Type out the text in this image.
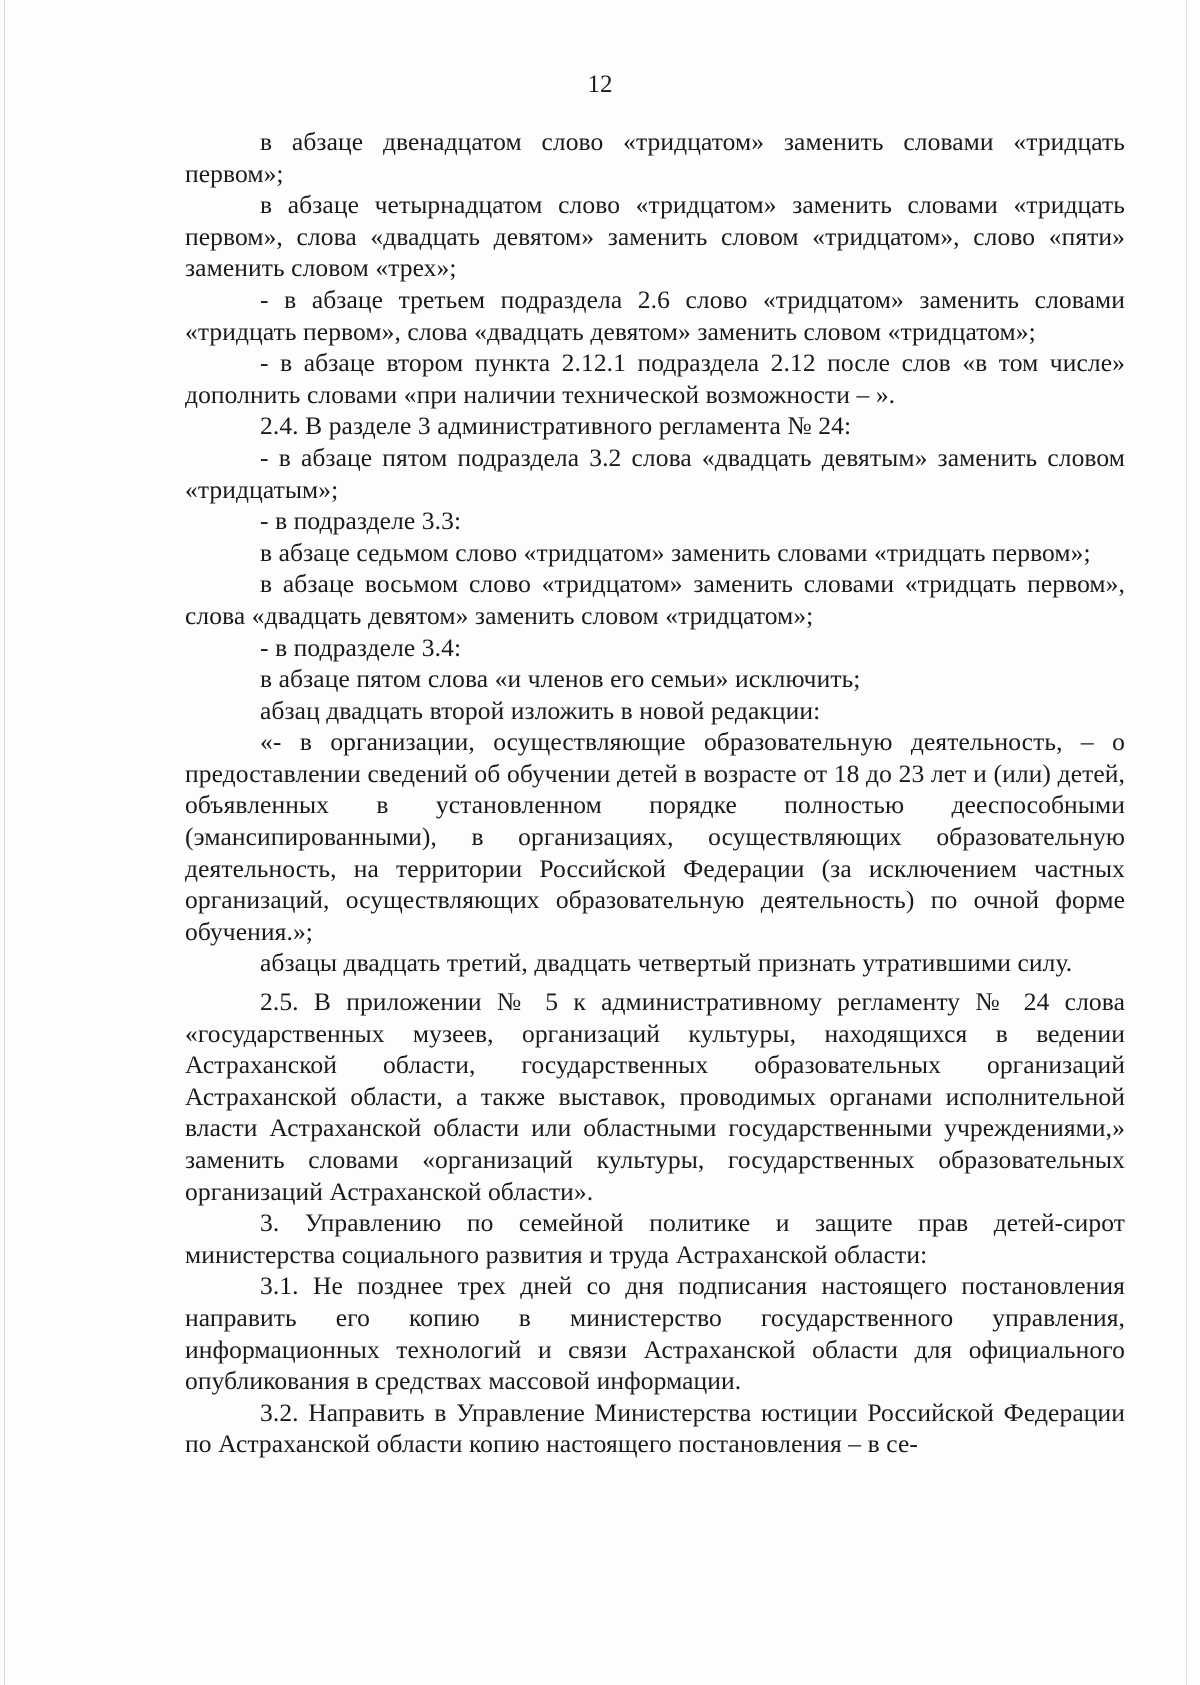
12

в абзаце двенадцатом слово «тридцатом» заменить словами «тридцать первом»;

в абзаце четырнадцатом слово «тридцатом» заменить словами «тридцать первом», слова «двадцать девятом» заменить словом «тридцатом», слово «пяти» заменить словом «трех»;

- в абзаце третьем подраздела 2.6 слово «тридцатом» заменить словами «тридцать первом», слова «двадцать девятом» заменить словом «тридцатом»;

- в абзаце втором пункта 2.12.1 подраздела 2.12 после слов «в том числе» дополнить словами «при наличии технической возможности – ».

2.4. В разделе 3 административного регламента № 24:

- в абзаце пятом подраздела 3.2 слова «двадцать девятым» заменить словом «тридцатым»;

- в подразделе 3.3:

в абзаце седьмом слово «тридцатом» заменить словами «тридцать первом»;

в абзаце восьмом слово «тридцатом» заменить словами «тридцать первом», слова «двадцать девятом» заменить словом «тридцатом»;

- в подразделе 3.4:

в абзаце пятом слова «и членов его семьи» исключить;

абзац двадцать второй изложить в новой редакции:

«- в организации, осуществляющие образовательную деятельность, – о предоставлении сведений об обучении детей в возрасте от 18 до 23 лет и (или) детей, объявленных в установленном порядке полностью дееспособными (эмансипированными), в организациях, осуществляющих образовательную деятельность, на территории Российской Федерации (за исключением частных организаций, осуществляющих образовательную деятельность) по очной форме обучения.»;

абзацы двадцать третий, двадцать четвертый признать утратившими силу.

2.5. В приложении № 5 к административному регламенту № 24 слова «государственных музеев, организаций культуры, находящихся в ведении Астраханской области, государственных образовательных организаций Астраханской области, а также выставок, проводимых органами исполнительной власти Астраханской области или областными государственными учреждениями,» заменить словами «организаций культуры, государственных образовательных организаций Астраханской области».

3. Управлению по семейной политике и защите прав детей-сирот министерства социального развития и труда Астраханской области:

3.1. Не позднее трех дней со дня подписания настоящего постановления направить его копию в министерство государственного управления, информационных технологий и связи Астраханской области для официального опубликования в средствах массовой информации.

3.2. Направить в Управление Министерства юстиции Российской Федерации по Астраханской области копию настоящего постановления – в се-
